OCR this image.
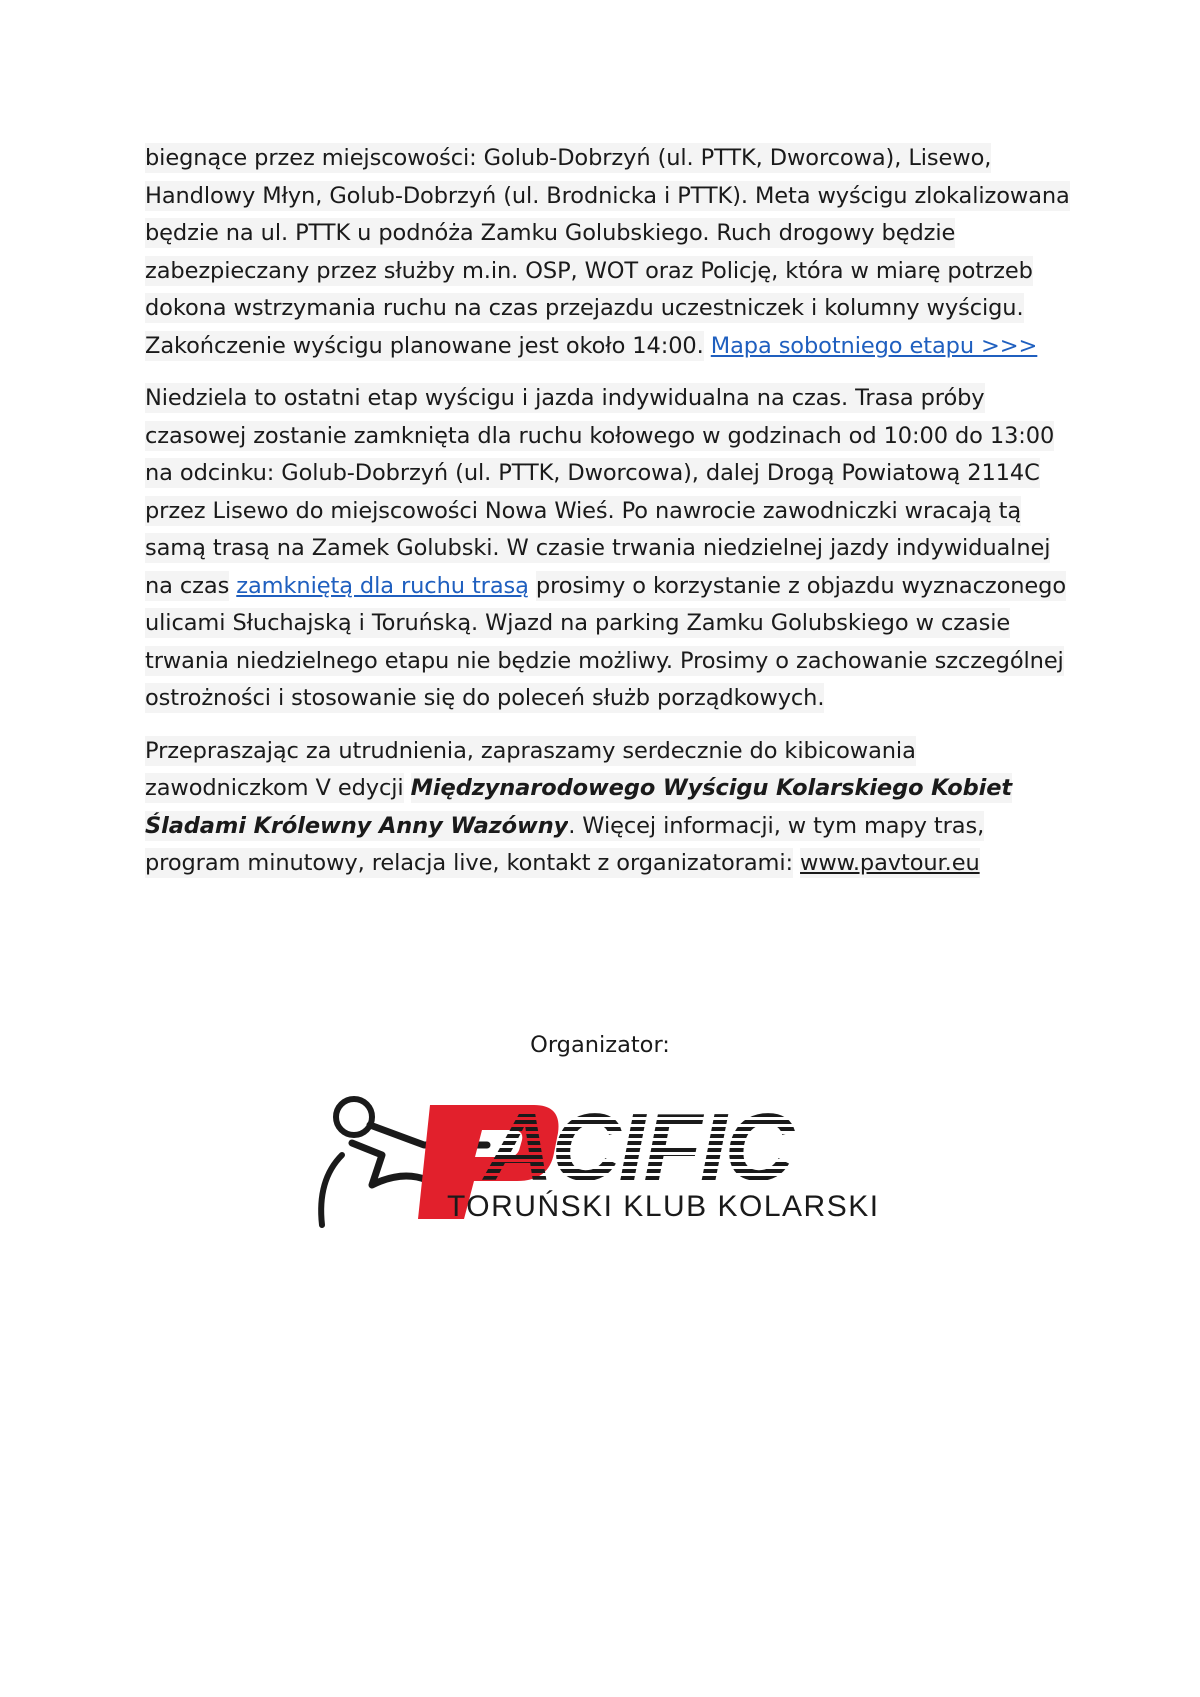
biegnące przez miejscowości: Golub-Dobrzyń (ul. PTTK, Dworcowa), Lisewo, Handlowy Młyn, Golub-Dobrzyń (ul. Brodnicka i PTTK). Meta wyścigu zlokalizowana będzie na ul. PTTK u podnóża Zamku Golubskiego. Ruch drogowy będzie zabezpieczany przez służby m.in. OSP, WOT oraz Policję, która w miarę potrzeb dokona wstrzymania ruchu na czas przejazdu uczestniczek i kolumny wyścigu. Zakończenie wyścigu planowane jest około 14:00. Mapa sobotniego etapu >>>

Niedziela to ostatni etap wyścigu i jazda indywidualna na czas. Trasa próby czasowej zostanie zamknięta dla ruchu kołowego w godzinach od 10:00 do 13:00 na odcinku: Golub-Dobrzyń (ul. PTTK, Dworcowa), dalej Drogą Powiatową 2114C przez Lisewo do miejscowości Nowa Wieś. Po nawrocie zawodniczki wracają tą samą trasą na Zamek Golubski. W czasie trwania niedzielnej jazdy indywidualnej na czas zamkniętą dla ruchu trasą prosimy o korzystanie z objazdu wyznaczonego ulicami Słuchajską i Toruńską. Wjazd na parking Zamku Golubskiego w czasie trwania niedzielnego etapu nie będzie możliwy. Prosimy o zachowanie szczególnej ostrożności i stosowanie się do poleceń służb porządkowych.

Przepraszając za utrudnienia, zapraszamy serdecznie do kibicowania zawodniczkom V edycji Międzynarodowego Wyścigu Kolarskiego Kobiet Śladami Królewny Anny Wazówny. Więcej informacji, w tym mapy tras, program minutowy, relacja live, kontakt z organizatorami: www.pavtour.eu

Organizator:
TORUŃSKI KLUB KOLARSKI
